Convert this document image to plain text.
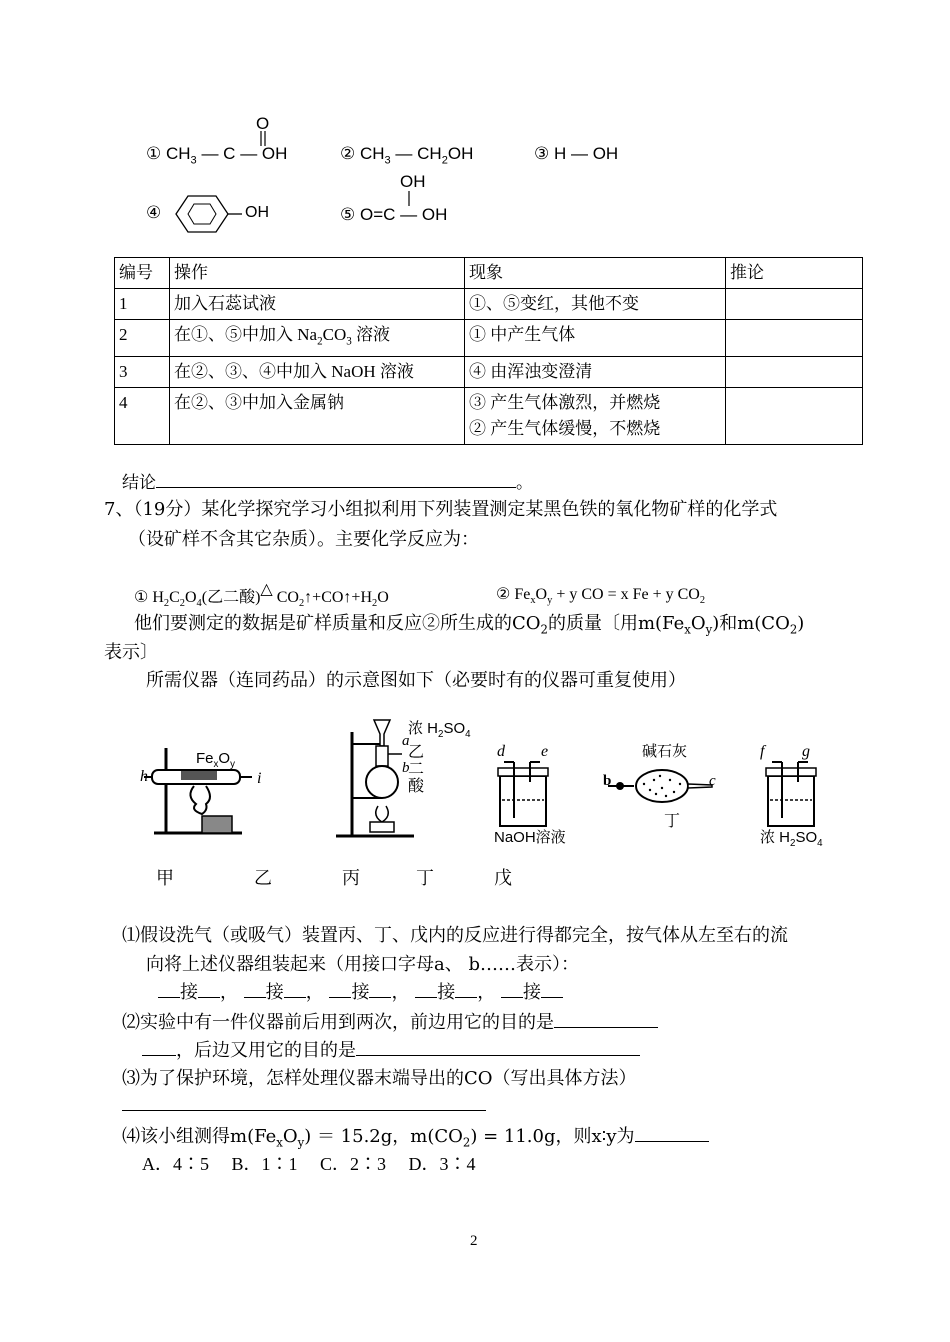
① $CH_3$ — C — OH
O
② $CH_3$ — $CH_2OH$	③ H — OH
④	OH	⑤ O=C — OH
OH
编号	操作	现象	推论
1	加入石蕊试液	①、⑤变红，其他不变	
2	在①、⑤中加入 $Na_2CO_3$ 溶液	① 中产生气体	
3	在②、③、④中加入 NaOH 溶液	④ 由浑浊变澄清	
4	在②、③中加入金属钠	③ 产生气体激烈，并燃烧
② 产生气体缓慢，不燃烧	

结论	。
7、（19分）某化学探究学习小组拟利用下列装置测定某黑色铁的氧化物矿样的化学式
（设矿样不含其它杂质）。主要化学反应为：
① $H_2C_2O_4$(乙二酸)△ $CO_2↑+CO↑+H_2O$	② $Fe_xO_y + y$ CO = x Fe + y $CO_2$
他们要测定的数据是矿样质量和反应②所生成的$CO_2$的质量〔用$m(Fe_xO_y)$和$m(CO_2)$
表示〕
所需仪器（连同药品）的示意图如下（必要时有的仪器可重复使用）
$Fe_xO_y$
h	i
浓 $H_2SO_4$
a
b
乙二酸
d e
NaOH溶液
碱石灰
b	c
丁
f g
浓 $H_2SO_4$
甲	乙	丙	丁	戊
⑴假设洗气（或吸气）装置丙、丁、戊内的反应进行得都完全，按气体从左至右的流
向将上述仪器组装起来（用接口字母a、 b……表示）：
接 ， 接 ， 接 ， 接 ， 接
⑵实验中有一件仪器前后用到两次，前边用它的目的是
，后边又用它的目的是
⑶为了保护环境，怎样处理仪器末端导出的CO（写出具体方法）
⑷该小组测得$m(Fe_xO_y) = 15.2g$，$m(CO_2) = 11.0g$，则x∶y为
A．4∶5     B．1∶1     C．2∶3     D．3∶4
2
